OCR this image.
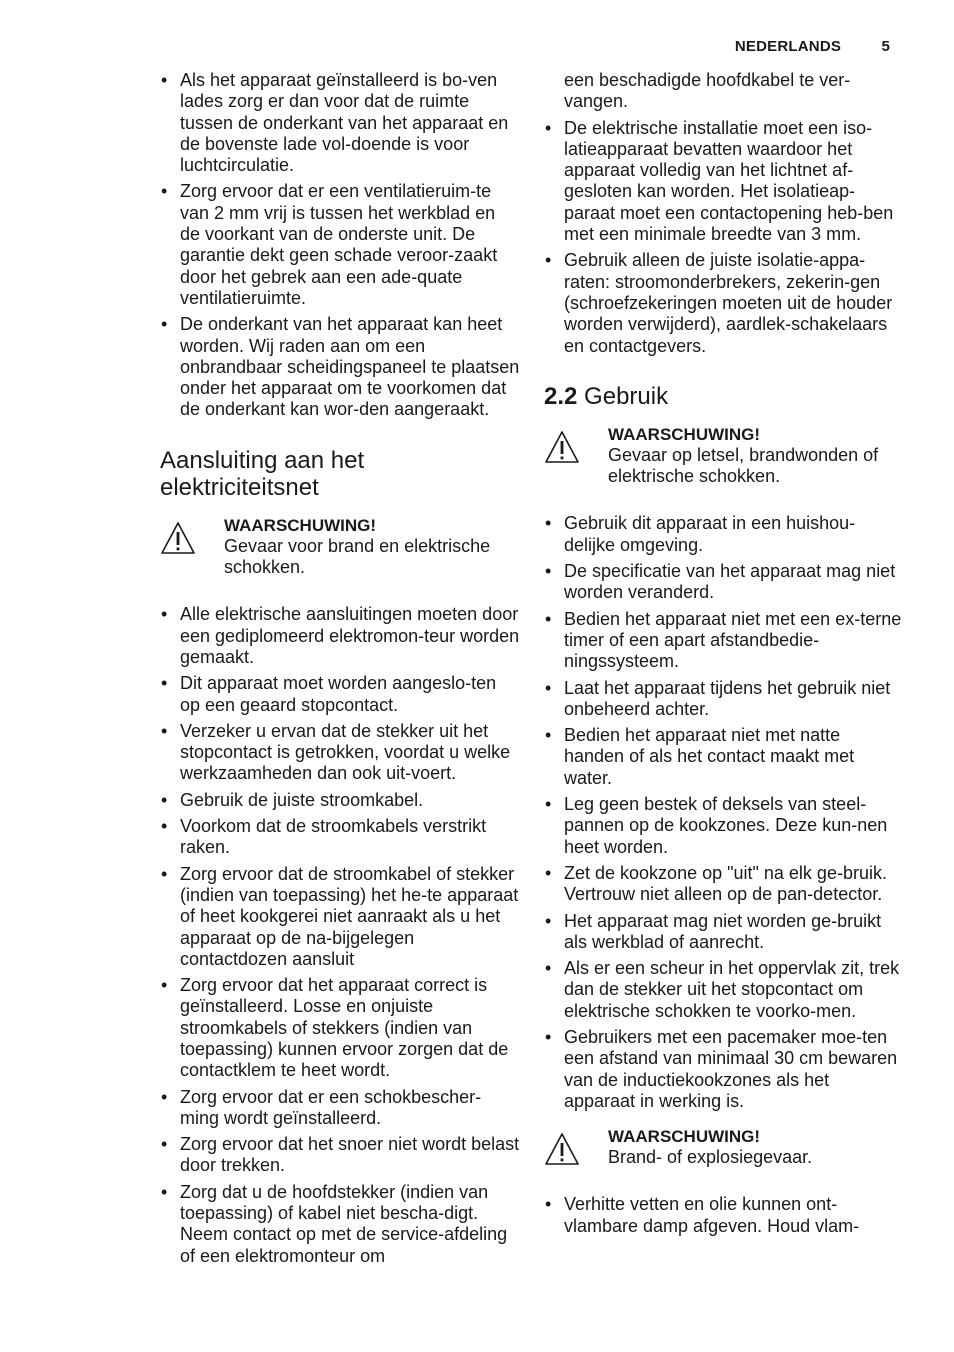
NEDERLANDS	5
• Als het apparaat geïnstalleerd is bo-ven lades zorg er dan voor dat de ruimte tussen de onderkant van het apparaat en de bovenste lade vol-doende is voor luchtcirculatie.
• Zorg ervoor dat er een ventilatieruim-te van 2 mm vrij is tussen het werkblad en de voorkant van de onderste unit. De garantie dekt geen schade veroor-zaakt door het gebrek aan een ade-quate ventilatieruimte.
• De onderkant van het apparaat kan heet worden. Wij raden aan om een onbrandbaar scheidingspaneel te plaatsen onder het apparaat om te voorkomen dat de onderkant kan wor-den aangeraakt.
Aansluiting aan het elektriciteitsnet
WAARSCHUWING!
Gevaar voor brand en elektrische schokken.
• Alle elektrische aansluitingen moeten door een gediplomeerd elektromon-teur worden gemaakt.
• Dit apparaat moet worden aangeslo-ten op een geaard stopcontact.
• Verzeker u ervan dat de stekker uit het stopcontact is getrokken, voordat u welke werkzaamheden dan ook uit-voert.
• Gebruik de juiste stroomkabel.
• Voorkom dat de stroomkabels verstrikt raken.
• Zorg ervoor dat de stroomkabel of stekker (indien van toepassing) het he-te apparaat of heet kookgerei niet aanraakt als u het apparaat op de na-bijgelegen contactdozen aansluit
• Zorg ervoor dat het apparaat correct is geïnstalleerd. Losse en onjuiste stroomkabels of stekkers (indien van toepassing) kunnen ervoor zorgen dat de contactklem te heet wordt.
• Zorg ervoor dat er een schokbescher-ming wordt geïnstalleerd.
• Zorg ervoor dat het snoer niet wordt belast door trekken.
• Zorg dat u de hoofdstekker (indien van toepassing) of kabel niet bescha-digt. Neem contact op met de service-afdeling of een elektromonteur om
een beschadigde hoofdkabel te ver-vangen.
• De elektrische installatie moet een iso-latieapparaat bevatten waardoor het apparaat volledig van het lichtnet af-gesloten kan worden. Het isolatieap-paraat moet een contactopening heb-ben met een minimale breedte van 3 mm.
• Gebruik alleen de juiste isolatie-appa-raten: stroomonderbrekers, zekerin-gen (schroefzekeringen moeten uit de houder worden verwijderd), aardlek-schakelaars en contactgevers.
2.2 Gebruik
WAARSCHUWING!
Gevaar op letsel, brandwonden of elektrische schokken.
• Gebruik dit apparaat in een huishou-delijke omgeving.
• De specificatie van het apparaat mag niet worden veranderd.
• Bedien het apparaat niet met een ex-terne timer of een apart afstandbedie-ningssysteem.
• Laat het apparaat tijdens het gebruik niet onbeheerd achter.
• Bedien het apparaat niet met natte handen of als het contact maakt met water.
• Leg geen bestek of deksels van steel-pannen op de kookzones. Deze kun-nen heet worden.
• Zet de kookzone op "uit" na elk ge-bruik. Vertrouw niet alleen op de pan-detector.
• Het apparaat mag niet worden ge-bruikt als werkblad of aanrecht.
• Als er een scheur in het oppervlak zit, trek dan de stekker uit het stopcontact om elektrische schokken te voorko-men.
• Gebruikers met een pacemaker moe-ten een afstand van minimaal 30 cm bewaren van de inductiekookzones als het apparaat in werking is.
WAARSCHUWING!
Brand- of explosiegevaar.
• Verhitte vetten en olie kunnen ont-vlambare damp afgeven. Houd vlam-
